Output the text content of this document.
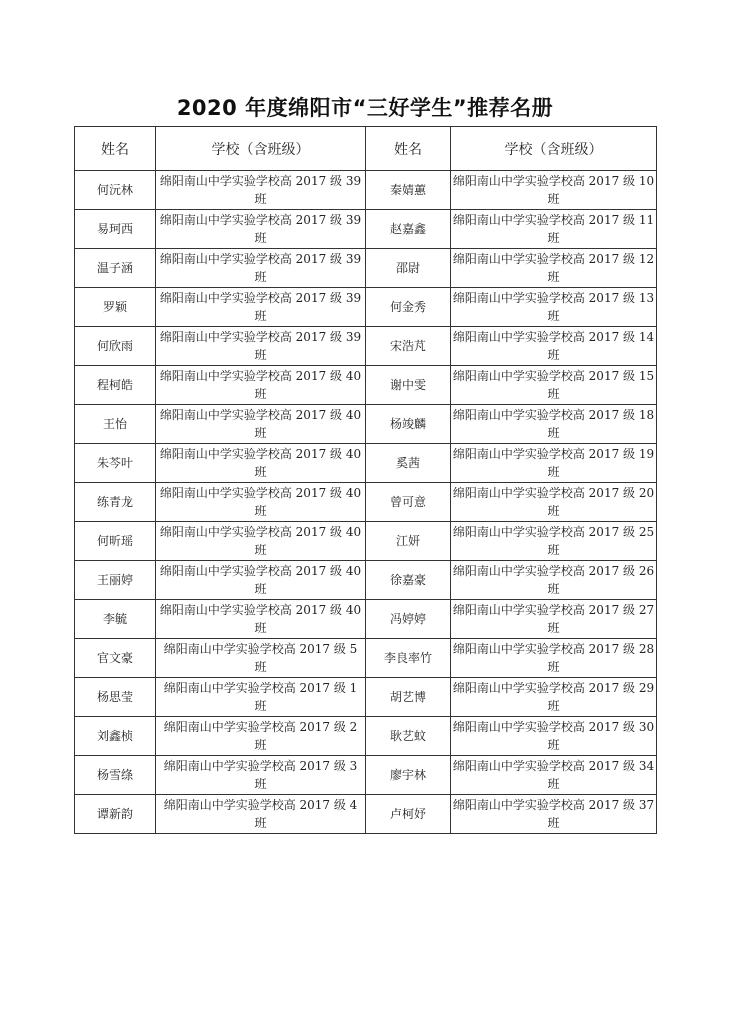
2020 年度绵阳市“三好学生”推荐名册
姓名	学校（含班级）	姓名	学校（含班级）
何沅林	绵阳南山中学实验学校高 2017 级 39 班	秦婧蕙	绵阳南山中学实验学校高 2017 级 10 班
易珂西	绵阳南山中学实验学校高 2017 级 39 班	赵嘉鑫	绵阳南山中学实验学校高 2017 级 11 班
温子涵	绵阳南山中学实验学校高 2017 级 39 班	邵尉	绵阳南山中学实验学校高 2017 级 12 班
罗颖	绵阳南山中学实验学校高 2017 级 39 班	何金秀	绵阳南山中学实验学校高 2017 级 13 班
何欣雨	绵阳南山中学实验学校高 2017 级 39 班	宋浩芃	绵阳南山中学实验学校高 2017 级 14 班
程柯皓	绵阳南山中学实验学校高 2017 级 40 班	谢中雯	绵阳南山中学实验学校高 2017 级 15 班
王怡	绵阳南山中学实验学校高 2017 级 40 班	杨竣麟	绵阳南山中学实验学校高 2017 级 18 班
朱芩叶	绵阳南山中学实验学校高 2017 级 40 班	奚茜	绵阳南山中学实验学校高 2017 级 19 班
练青龙	绵阳南山中学实验学校高 2017 级 40 班	曾可意	绵阳南山中学实验学校高 2017 级 20 班
何昕瑶	绵阳南山中学实验学校高 2017 级 40 班	江妍	绵阳南山中学实验学校高 2017 级 25 班
王丽婷	绵阳南山中学实验学校高 2017 级 40 班	徐嘉豪	绵阳南山中学实验学校高 2017 级 26 班
李毓	绵阳南山中学实验学校高 2017 级 40 班	冯婷婷	绵阳南山中学实验学校高 2017 级 27 班
官文豪	绵阳南山中学实验学校高 2017 级 5 班	李良率竹	绵阳南山中学实验学校高 2017 级 28 班
杨思莹	绵阳南山中学实验学校高 2017 级 1 班	胡艺博	绵阳南山中学实验学校高 2017 级 29 班
刘鑫桢	绵阳南山中学实验学校高 2017 级 2 班	耿艺蚊	绵阳南山中学实验学校高 2017 级 30 班
杨雪绦	绵阳南山中学实验学校高 2017 级 3 班	廖宇林	绵阳南山中学实验学校高 2017 级 34 班
谭新韵	绵阳南山中学实验学校高 2017 级 4 班	卢柯妤	绵阳南山中学实验学校高 2017 级 37 班
